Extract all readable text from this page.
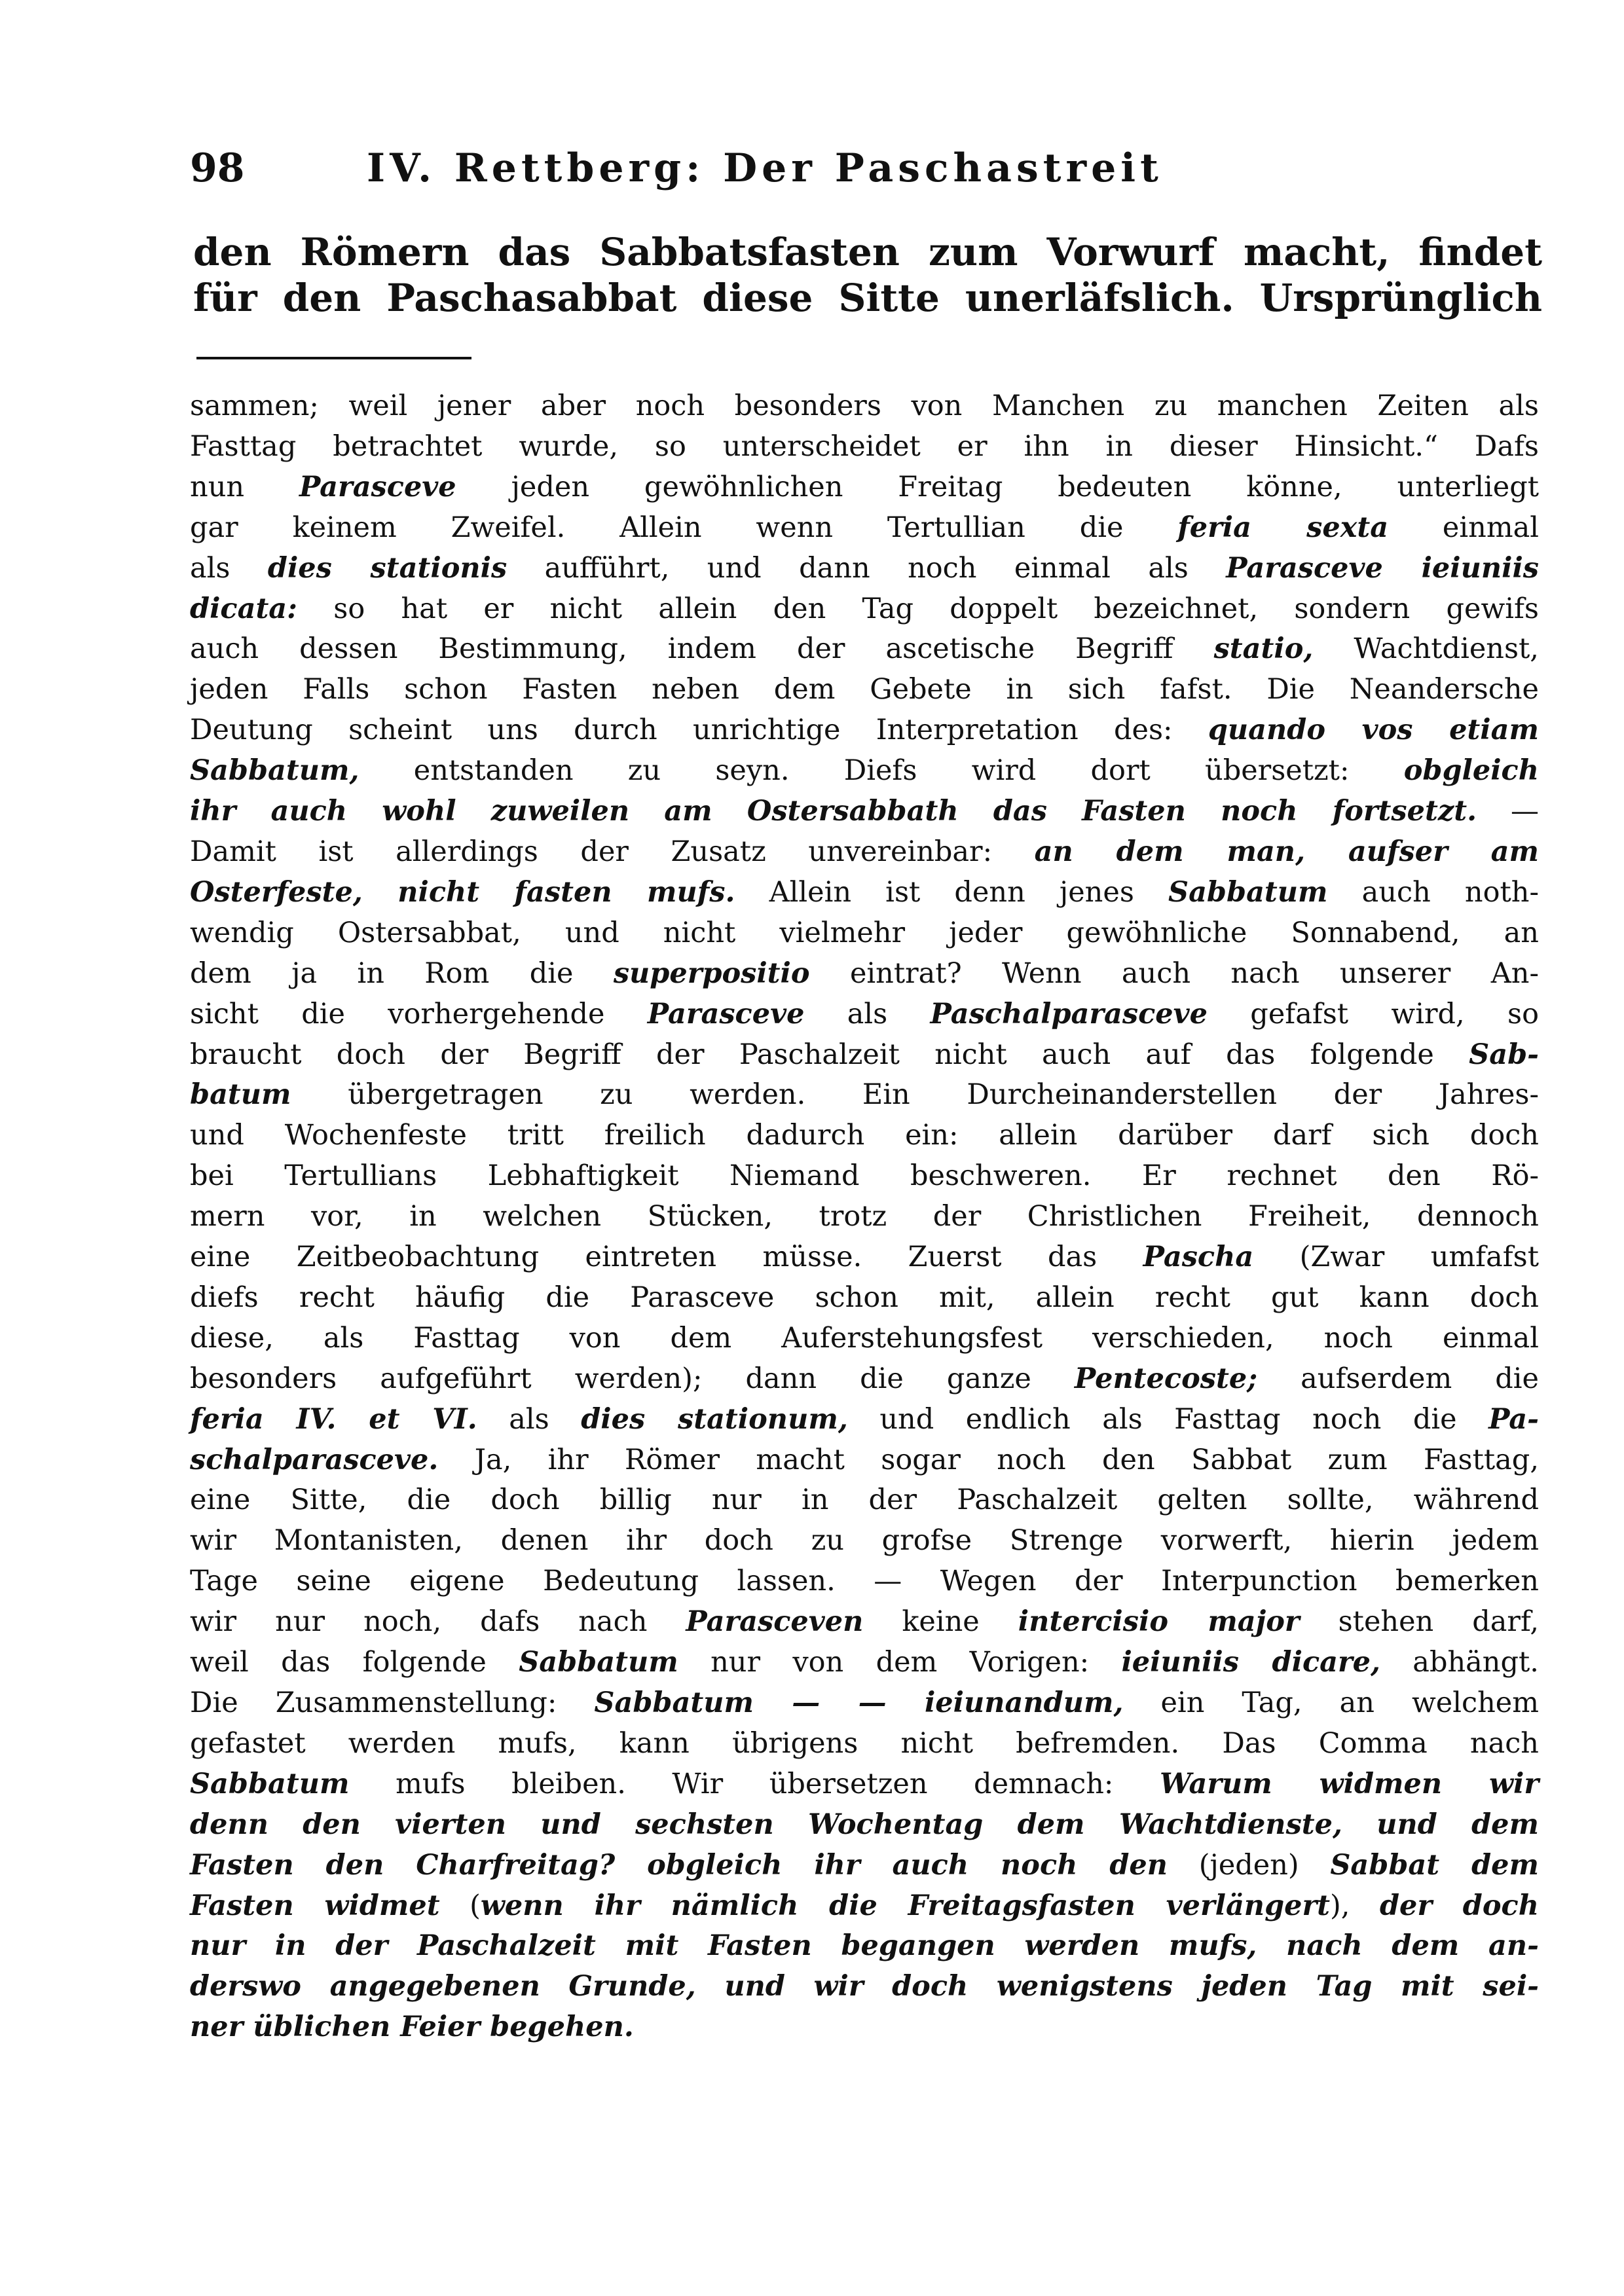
98	IV. Rettberg: Der Paschastreit
den Römern das Sabbatsfasten zum Vorwurf macht, findet
für den Paschasabbat diese Sitte unerläfslich. Ursprünglich
sammen; weil jener aber noch besonders von Manchen zu manchen Zeiten als
Fasttag betrachtet wurde, so unterscheidet er ihn in dieser Hinsicht.“ Dafs
nun Parasceve jeden gewöhnlichen Freitag bedeuten könne, unterliegt
gar keinem Zweifel. Allein wenn Tertullian die feria sexta einmal
als dies stationis aufführt, und dann noch einmal als Parasceve ieiuniis
dicata: so hat er nicht allein den Tag doppelt bezeichnet, sondern gewifs
auch dessen Bestimmung, indem der ascetische Begriff statio, Wachtdienst,
jeden Falls schon Fasten neben dem Gebete in sich fafst. Die Neandersche
Deutung scheint uns durch unrichtige Interpretation des: quando vos etiam
Sabbatum, entstanden zu seyn. Diefs wird dort übersetzt: obgleich
ihr auch wohl zuweilen am Ostersabbath das Fasten noch fortsetzt. —
Damit ist allerdings der Zusatz unvereinbar: an dem man, aufser am
Osterfeste, nicht fasten mufs. Allein ist denn jenes Sabbatum auch noth-
wendig Ostersabbat, und nicht vielmehr jeder gewöhnliche Sonnabend, an
dem ja in Rom die superpositio eintrat? Wenn auch nach unserer An-
sicht die vorhergehende Parasceve als Paschalparasceve gefafst wird, so
braucht doch der Begriff der Paschalzeit nicht auch auf das folgende Sab-
batum übergetragen zu werden. Ein Durcheinanderstellen der Jahres-
und Wochenfeste tritt freilich dadurch ein: allein darüber darf sich doch
bei Tertullians Lebhaftigkeit Niemand beschweren. Er rechnet den Rö-
mern vor, in welchen Stücken, trotz der Christlichen Freiheit, dennoch
eine Zeitbeobachtung eintreten müsse. Zuerst das Pascha (Zwar umfafst
diefs recht häufig die Parasceve schon mit, allein recht gut kann doch
diese, als Fasttag von dem Auferstehungsfest verschieden, noch einmal
besonders aufgeführt werden); dann die ganze Pentecoste; aufserdem die
feria IV. et VI. als dies stationum, und endlich als Fasttag noch die Pa-
schalparasceve. Ja, ihr Römer macht sogar noch den Sabbat zum Fasttag,
eine Sitte, die doch billig nur in der Paschalzeit gelten sollte, während
wir Montanisten, denen ihr doch zu grofse Strenge vorwerft, hierin jedem
Tage seine eigene Bedeutung lassen. — Wegen der Interpunction bemerken
wir nur noch, dafs nach Parasceven keine intercisio major stehen darf,
weil das folgende Sabbatum nur von dem Vorigen: ieiuniis dicare, abhängt.
Die Zusammenstellung: Sabbatum — — ieiunandum, ein Tag, an welchem
gefastet werden mufs, kann übrigens nicht befremden. Das Comma nach
Sabbatum mufs bleiben. Wir übersetzen demnach: Warum widmen wir
denn den vierten und sechsten Wochentag dem Wachtdienste, und dem
Fasten den Charfreitag? obgleich ihr auch noch den (jeden) Sabbat dem
Fasten widmet (wenn ihr nämlich die Freitagsfasten verlängert), der doch
nur in der Paschalzeit mit Fasten begangen werden mufs, nach dem an-
derswo angegebenen Grunde, und wir doch wenigstens jeden Tag mit sei-
ner üblichen Feier begehen.
